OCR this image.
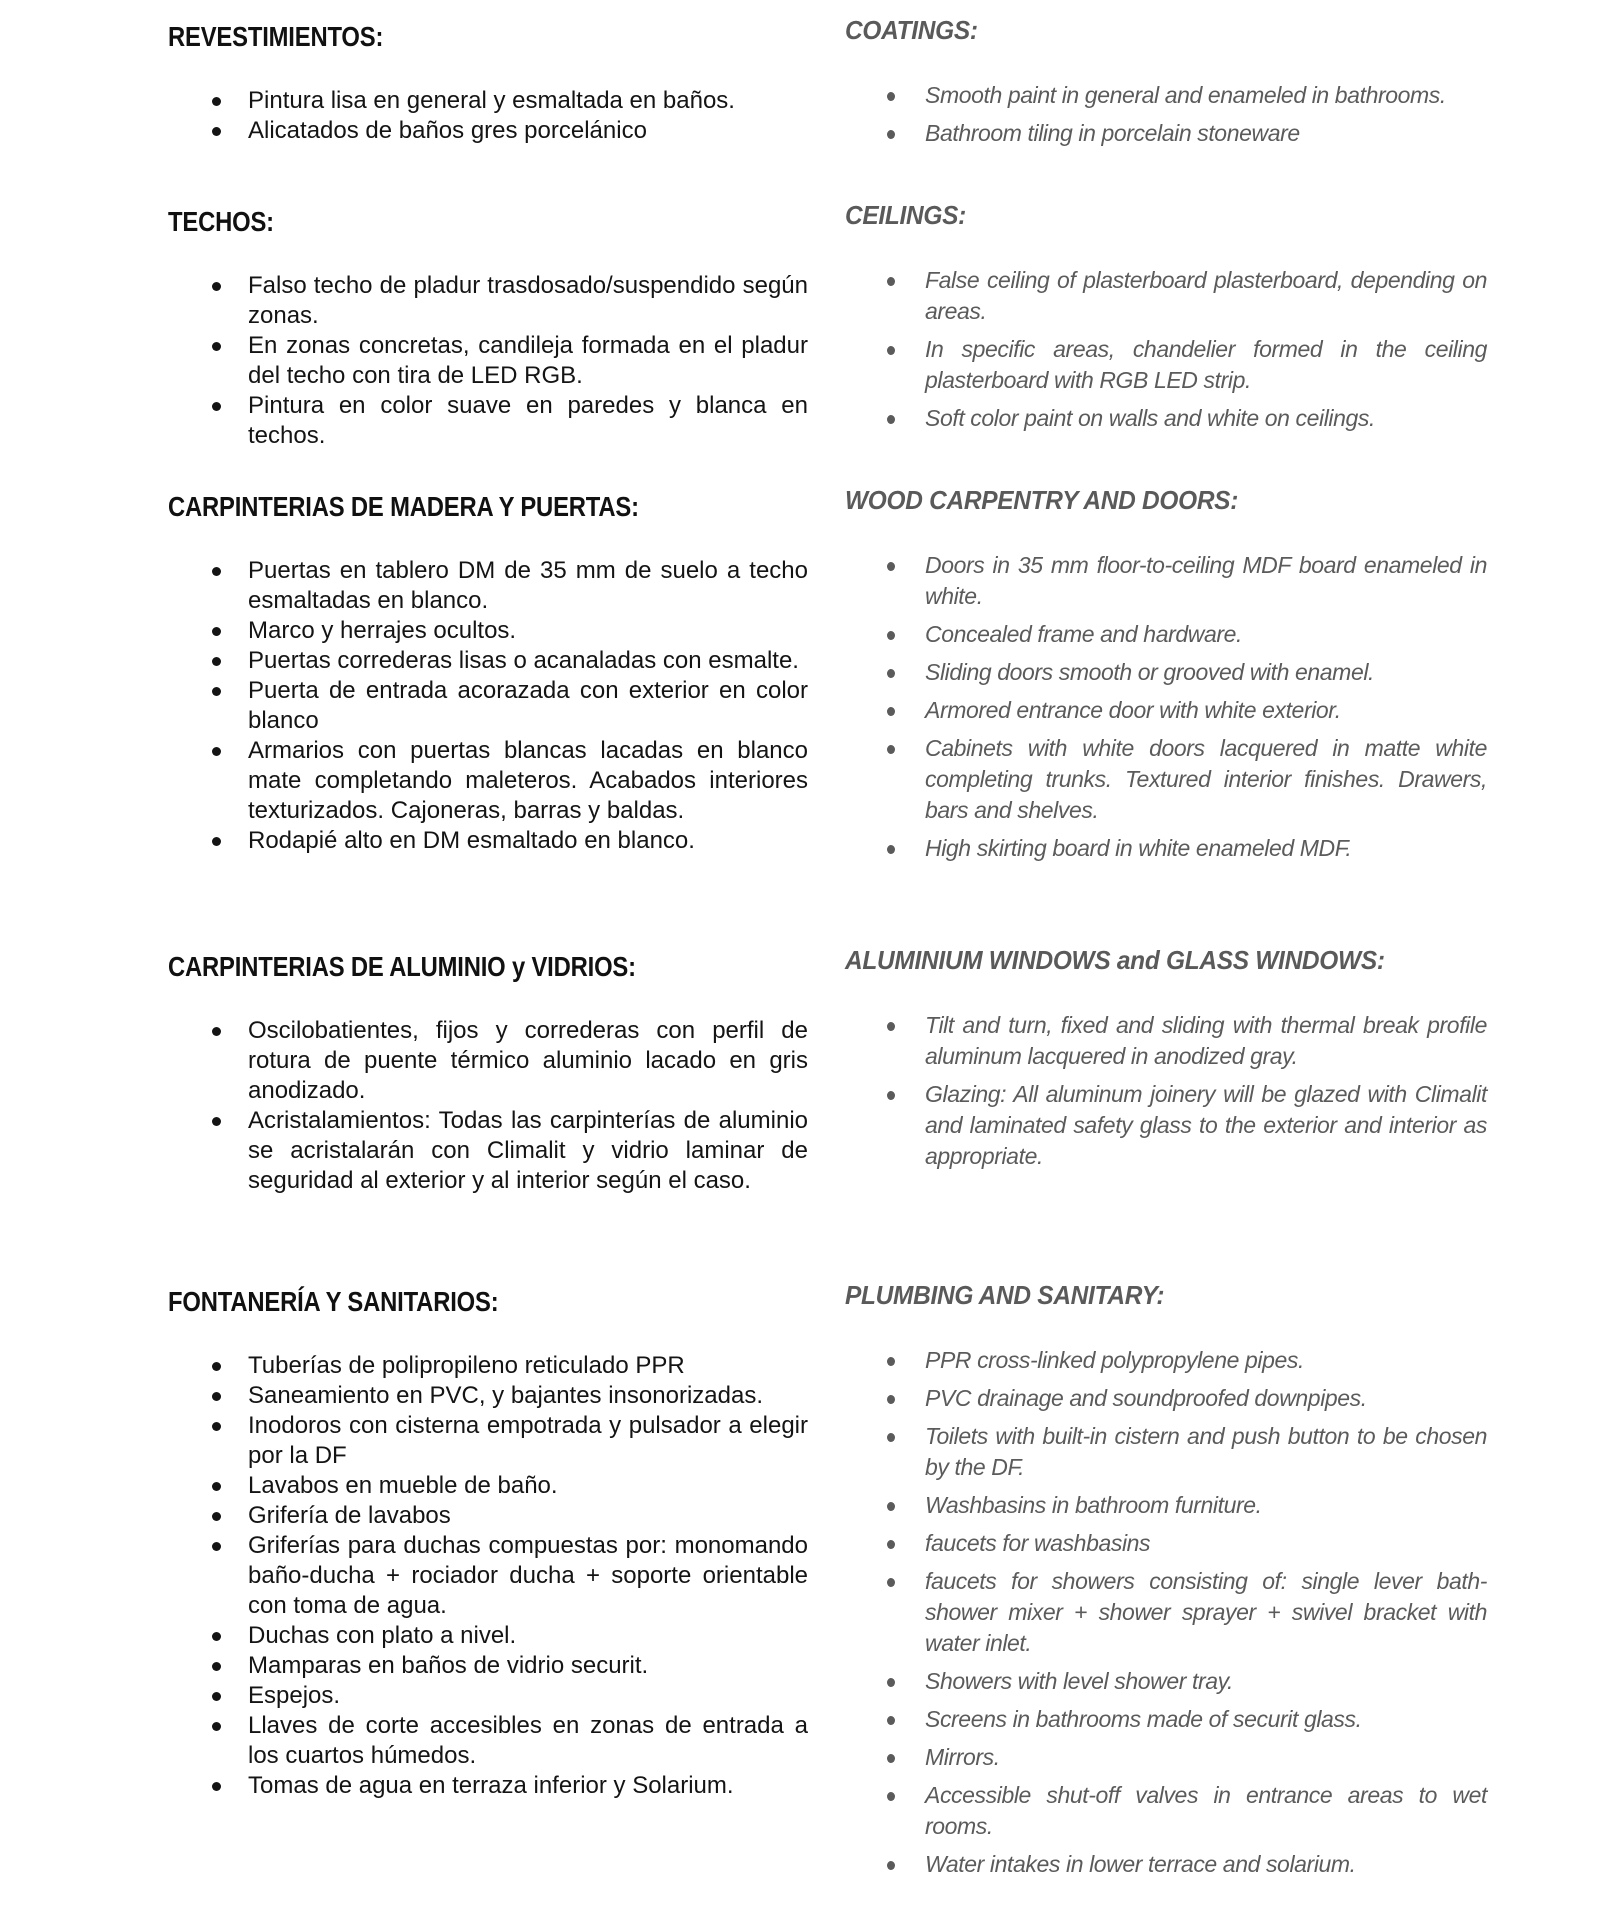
REVESTIMIENTOS:
Pintura lisa en general y esmaltada en baños.
Alicatados de baños gres porcelánico
COATINGS:
Smooth paint in general and enameled in bathrooms.
Bathroom tiling in porcelain stoneware
TECHOS:
Falso techo de pladur trasdosado/suspendido según zonas.
En zonas concretas, candileja formada en el pladur del techo con tira de LED RGB.
Pintura en color suave en paredes y blanca en techos.
CEILINGS:
False ceiling of plasterboard plasterboard, depending on areas.
In specific areas, chandelier formed in the ceiling plasterboard with RGB LED strip.
Soft color paint on walls and white on ceilings.
CARPINTERIAS DE MADERA Y PUERTAS:
Puertas en tablero DM de 35 mm de suelo a techo esmaltadas en blanco.
Marco y herrajes ocultos.
Puertas correderas lisas o acanaladas con esmalte.
Puerta de entrada acorazada con exterior en color blanco
Armarios con puertas blancas lacadas en blanco mate completando maleteros. Acabados interiores texturizados. Cajoneras, barras y baldas.
Rodapié alto en DM esmaltado en blanco.
WOOD CARPENTRY AND DOORS:
Doors in 35 mm floor-to-ceiling MDF board enameled in white.
Concealed frame and hardware.
Sliding doors smooth or grooved with enamel.
Armored entrance door with white exterior.
Cabinets with white doors lacquered in matte white completing trunks. Textured interior finishes. Drawers, bars and shelves.
High skirting board in white enameled MDF.
CARPINTERIAS DE ALUMINIO y VIDRIOS:
Oscilobatientes, fijos y correderas con perfil de rotura de puente térmico aluminio lacado en gris anodizado.
Acristalamientos: Todas las carpinterías de aluminio se acristalarán con Climalit y vidrio laminar de seguridad al exterior y al interior según el caso.
ALUMINIUM WINDOWS and GLASS WINDOWS:
Tilt and turn, fixed and sliding with thermal break profile aluminum lacquered in anodized gray.
Glazing: All aluminum joinery will be glazed with Climalit and laminated safety glass to the exterior and interior as appropriate.
FONTANERÍA Y SANITARIOS:
Tuberías de polipropileno reticulado PPR
Saneamiento en PVC, y bajantes insonorizadas.
Inodoros con cisterna empotrada y pulsador a elegir por la DF
Lavabos en mueble de baño.
Grifería de lavabos
Griferías para duchas compuestas por: monomando baño-ducha + rociador ducha + soporte orientable con toma de agua.
Duchas con plato a nivel.
Mamparas en baños de vidrio securit.
Espejos.
Llaves de corte accesibles en zonas de entrada a los cuartos húmedos.
Tomas de agua en terraza inferior y Solarium.
PLUMBING AND SANITARY:
PPR cross-linked polypropylene pipes.
PVC drainage and soundproofed downpipes.
Toilets with built-in cistern and push button to be chosen by the DF.
Washbasins in bathroom furniture.
faucets for washbasins
faucets for showers consisting of: single lever bath-shower mixer + shower sprayer + swivel bracket with water inlet.
Showers with level shower tray.
Screens in bathrooms made of securit glass.
Mirrors.
Accessible shut-off valves in entrance areas to wet rooms.
Water intakes in lower terrace and solarium.
